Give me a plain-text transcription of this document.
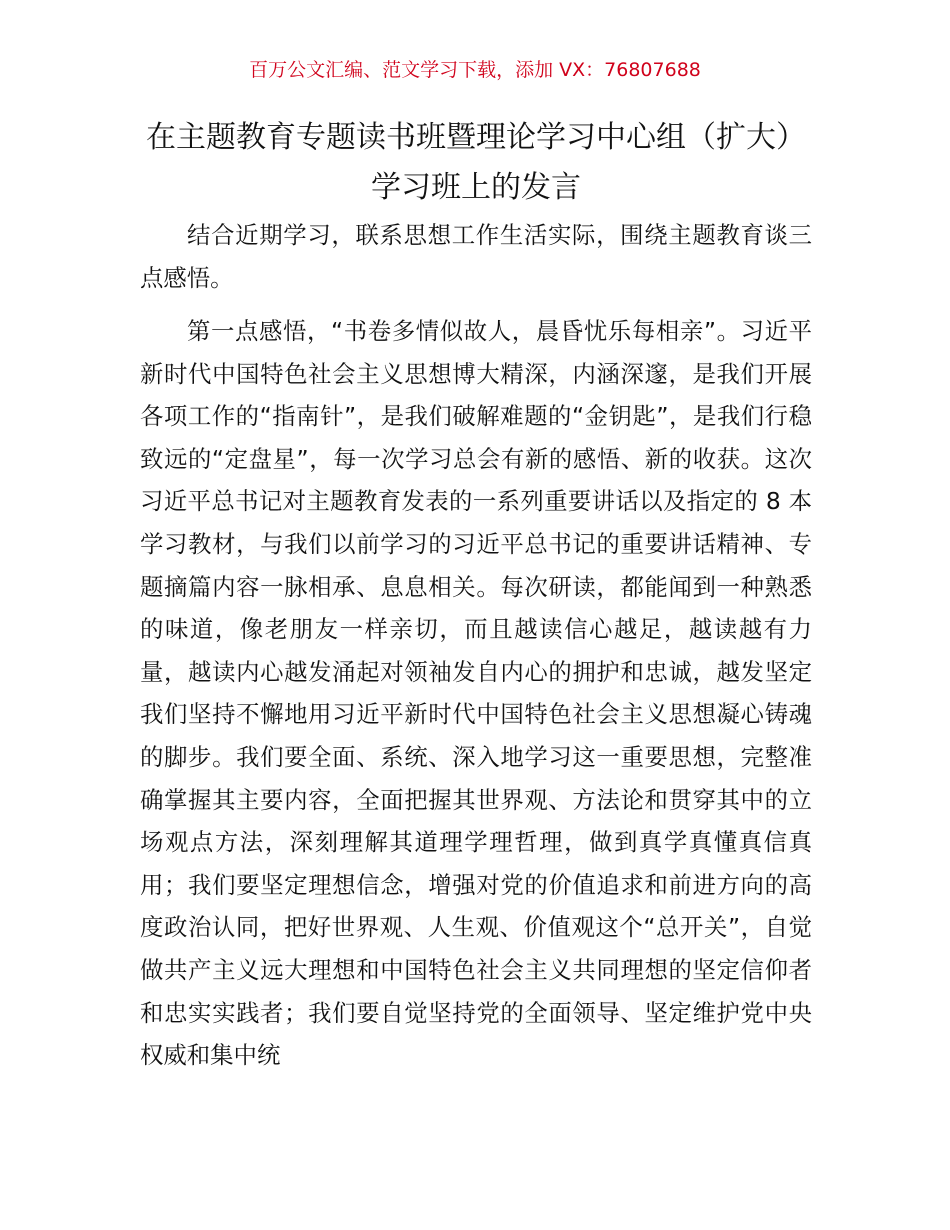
百万公文汇编、范文学习下载，添加 VX：76807688
在主题教育专题读书班暨理论学习中心组（扩大）学习班上的发言

结合近期学习，联系思想工作生活实际，围绕主题教育谈三点感悟。

第一点感悟，“书卷多情似故人，晨昏忧乐每相亲”。习近平新时代中国特色社会主义思想博大精深，内涵深邃，是我们开展各项工作的“指南针”，是我们破解难题的“金钥匙”，是我们行稳致远的“定盘星”，每一次学习总会有新的感悟、新的收获。这次习近平总书记对主题教育发表的一系列重要讲话以及指定的 8 本学习教材，与我们以前学习的习近平总书记的重要讲话精神、专题摘篇内容一脉相承、息息相关。每次研读，都能闻到一种熟悉的味道，像老朋友一样亲切，而且越读信心越足，越读越有力量，越读内心越发涌起对领袖发自内心的拥护和忠诚，越发坚定我们坚持不懈地用习近平新时代中国特色社会主义思想凝心铸魂的脚步。我们要全面、系统、深入地学习这一重要思想，完整准确掌握其主要内容，全面把握其世界观、方法论和贯穿其中的立场观点方法，深刻理解其道理学理哲理，做到真学真懂真信真用；我们要坚定理想信念，增强对党的价值追求和前进方向的高度政治认同，把好世界观、人生观、价值观这个“总开关”，自觉做共产主义远大理想和中国特色社会主义共同理想的坚定信仰者和忠实实践者；我们要自觉坚持党的全面领导、坚定维护党中央权威和集中统
